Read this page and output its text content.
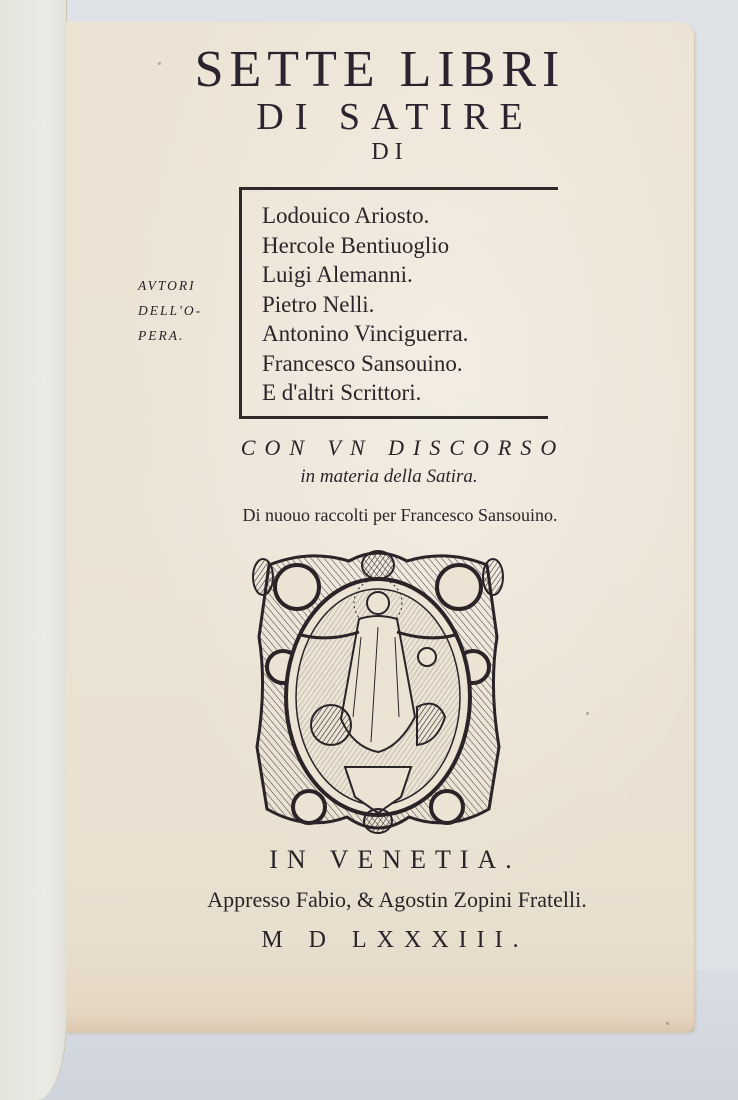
SETTE LIBRI
DI SATIRE
DI
AVTORI
DELL'O-
PERA.
Lodouico Ariosto.
Hercole Bentiuoglio
Luigi Alemanni.
Pietro Nelli.
Antonino Vinciguerra.
Francesco Sansouino.
E d'altri Scrittori.
CON VN DISCORSO
in materia della Satira.
Di nuouo raccolti per Francesco Sansouino.
IN VENETIA.
Appresso Fabio, & Agostin Zopini Fratelli.
M D LXXXIII.
